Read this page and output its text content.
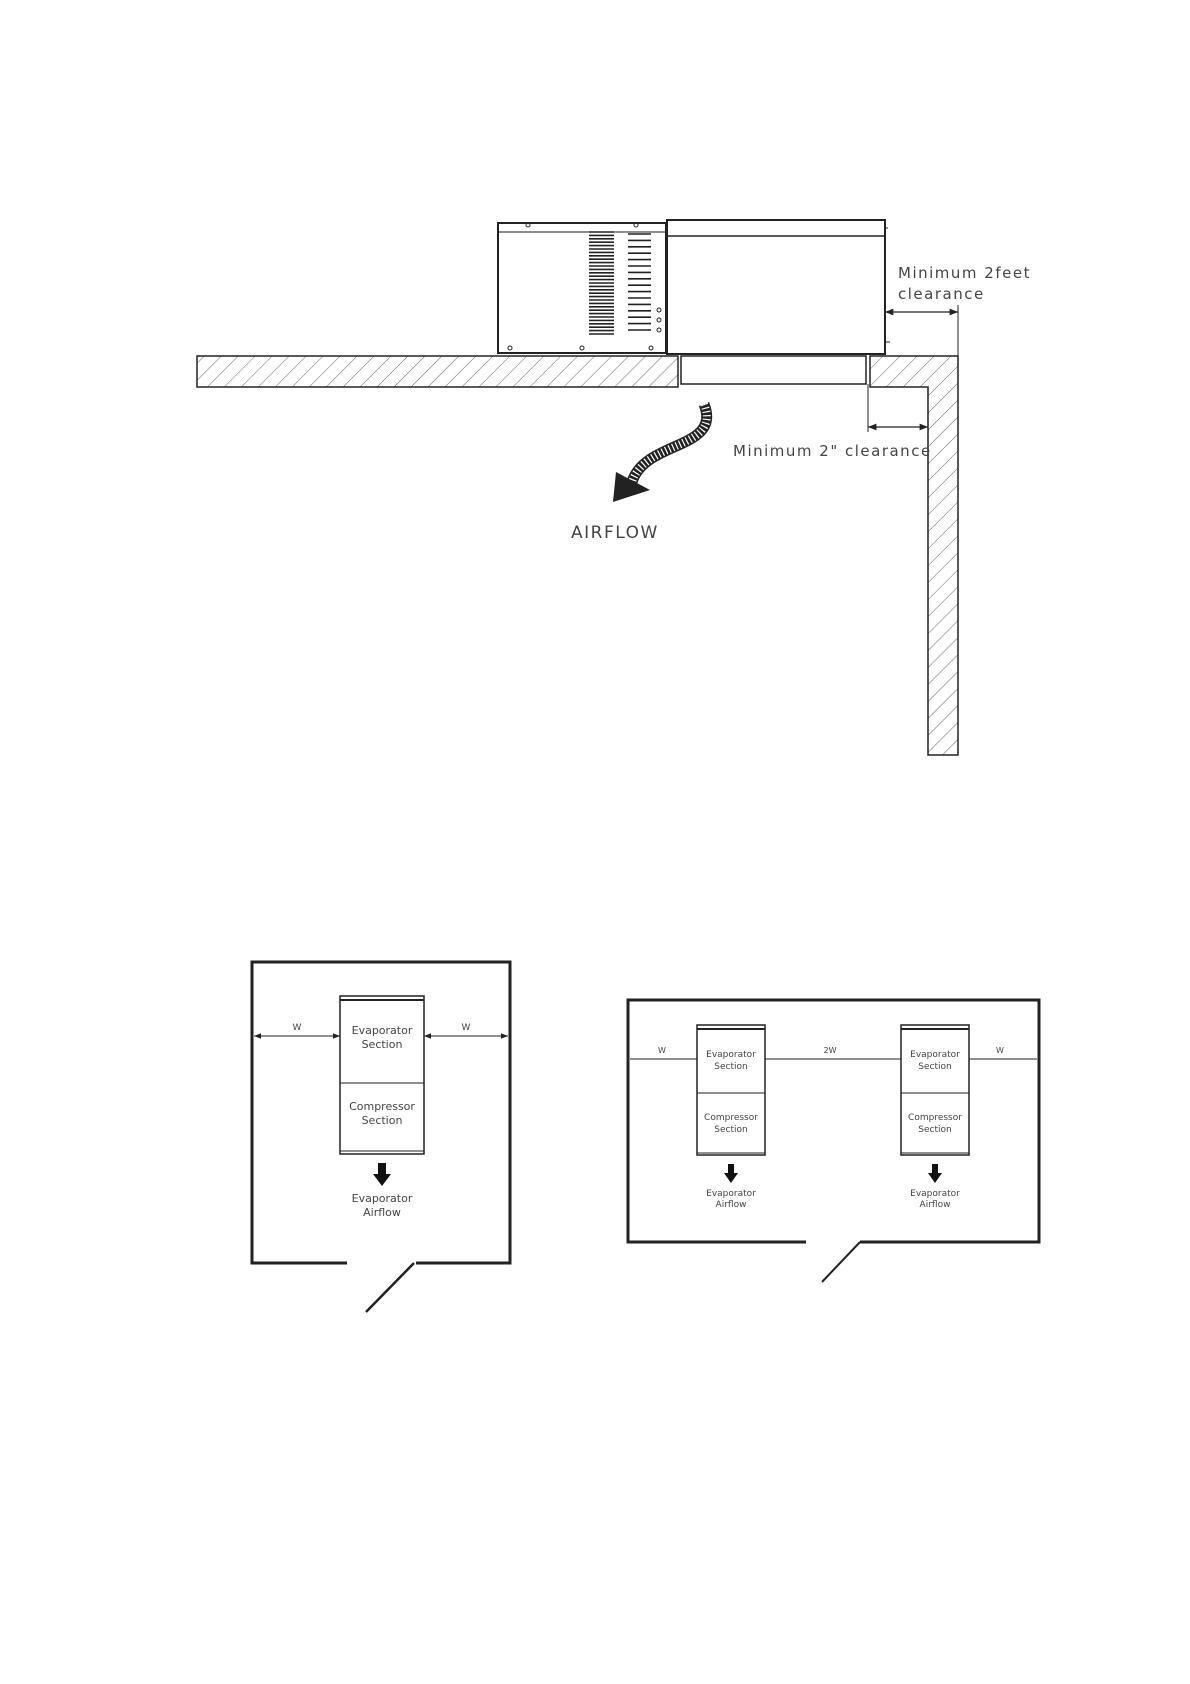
Minimum 2feet
clearance
Minimum 2" clearance
AIRFLOW
W	W
Evaporator
Section
Compressor
Section
Evaporator
Airflow
Evaporator
Section
Compressor
Section
Evaporator
Airflow
Evaporator
Section
Compressor
Section
Evaporator
Airflow
W	2W	W
